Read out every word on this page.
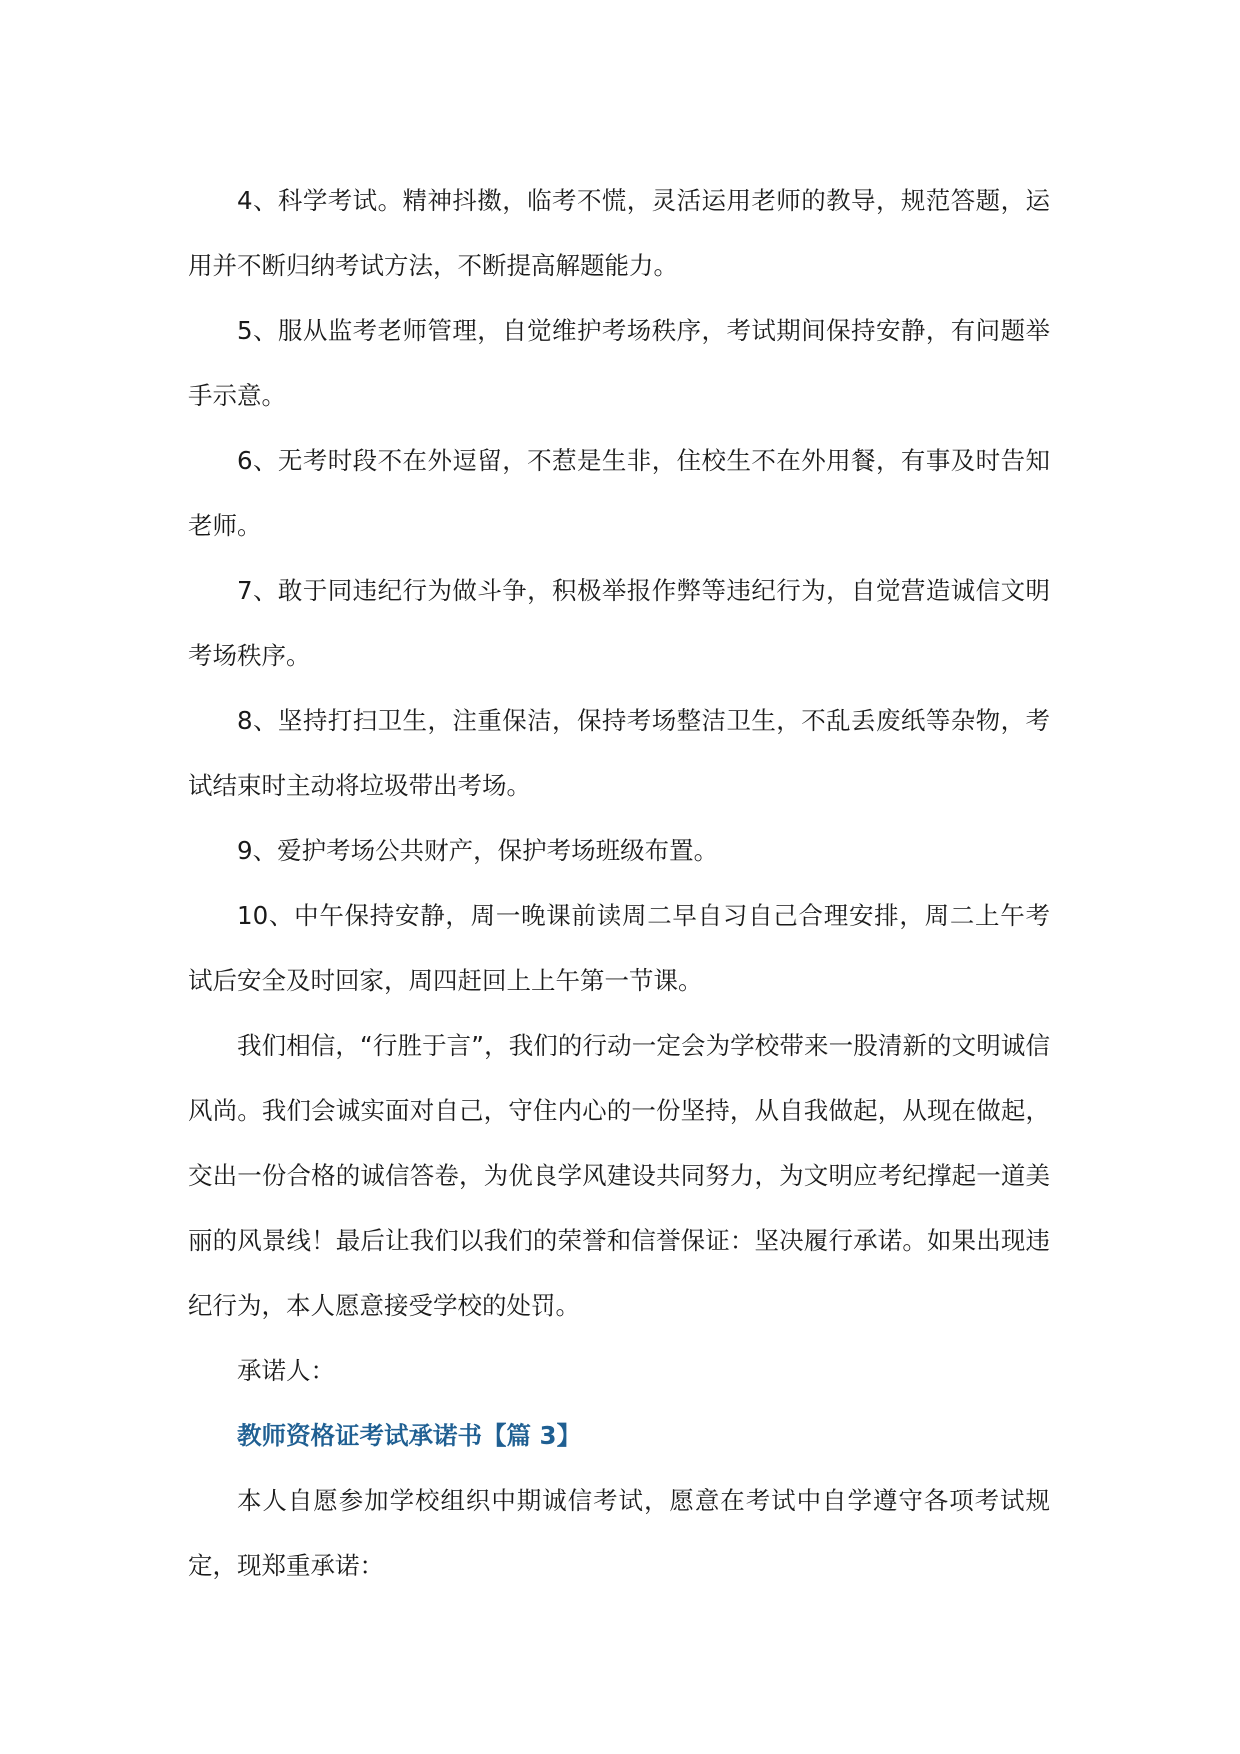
4、科学考试。精神抖擞，临考不慌，灵活运用老师的教导，规范答题，运用并不断归纳考试方法，不断提高解题能力。

5、服从监考老师管理，自觉维护考场秩序，考试期间保持安静，有问题举手示意。

6、无考时段不在外逗留，不惹是生非，住校生不在外用餐，有事及时告知老师。

7、敢于同违纪行为做斗争，积极举报作弊等违纪行为，自觉营造诚信文明考场秩序。

8、坚持打扫卫生，注重保洁，保持考场整洁卫生，不乱丢废纸等杂物，考试结束时主动将垃圾带出考场。

9、爱护考场公共财产，保护考场班级布置。

10、中午保持安静，周一晚课前读周二早自习自己合理安排，周二上午考试后安全及时回家，周四赶回上上午第一节课。

我们相信，“行胜于言”，我们的行动一定会为学校带来一股清新的文明诚信风尚。我们会诚实面对自己，守住内心的一份坚持，从自我做起，从现在做起，交出一份合格的诚信答卷，为优良学风建设共同努力，为文明应考纪撑起一道美丽的风景线！最后让我们以我们的荣誉和信誉保证：坚决履行承诺。如果出现违纪行为，本人愿意接受学校的处罚。

承诺人：

教师资格证考试承诺书【篇 3】

本人自愿参加学校组织中期诚信考试，愿意在考试中自学遵守各项考试规定，现郑重承诺：
